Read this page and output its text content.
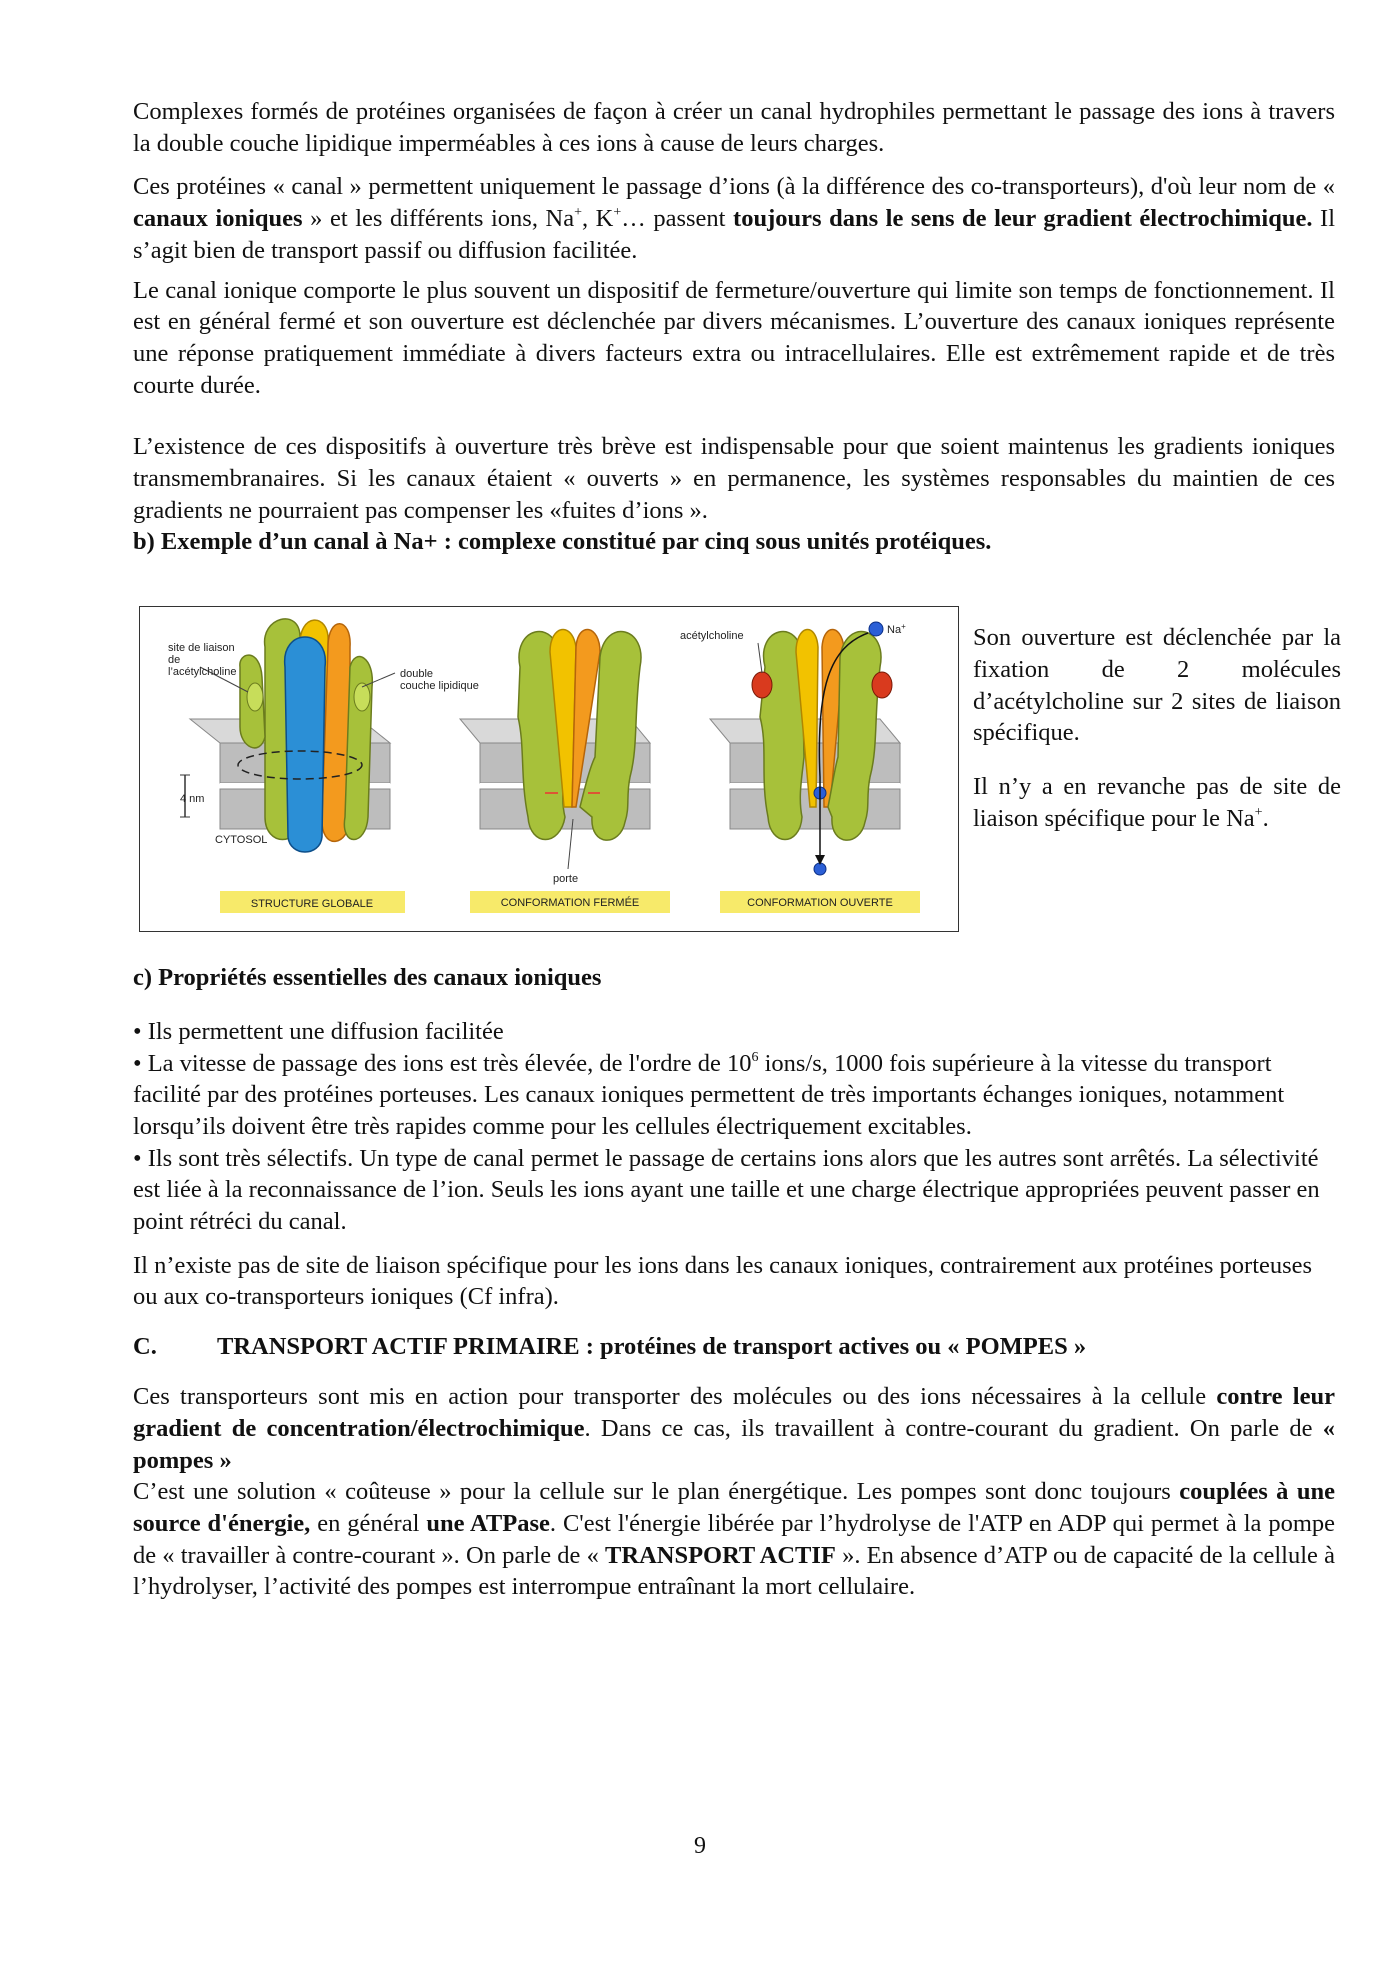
Complexes formés de protéines organisées de façon à créer un canal hydrophiles permettant le passage des ions à travers la double couche lipidique imperméables à ces ions à cause de leurs charges.

Ces protéines « canal » permettent uniquement le passage d’ions (à la différence des co-transporteurs), d'où leur nom de « canaux ioniques » et les différents ions, Na+, K+… passent toujours dans le sens de leur gradient électrochimique. Il s’agit bien de transport passif ou diffusion facilitée.

Le canal ionique comporte le plus souvent un dispositif de fermeture/ouverture qui limite son temps de fonctionnement. Il est en général fermé et son ouverture est déclenchée par divers mécanismes. L’ouverture des canaux ioniques représente une réponse pratiquement immédiate à divers facteurs extra ou intracellulaires. Elle est extrêmement rapide et de très courte durée.

L’existence de ces dispositifs à ouverture très brève est indispensable pour que soient maintenus les gradients ioniques transmembranaires. Si les canaux étaient « ouverts » en permanence, les systèmes responsables du maintien de ces gradients ne pourraient pas compenser les «fuites d’ions ».

b) Exemple d’un canal à Na+ : complexe constitué par cinq sous unités protéiques.

site de liaison
de
l’acétylcholine	double
couche lipidique
4 nm
CYTOSOL
porte
acétylcholine	Na+
STRUCTURE GLOBALE	CONFORMATION FERMÉE	CONFORMATION OUVERTE

Son ouverture est déclenchée par la fixation de 2 molécules d’acétylcholine sur 2 sites de liaison spécifique.

Il n’y a en revanche pas de site de liaison spécifique pour le Na+.

c) Propriétés essentielles des canaux ioniques

• Ils permettent une diffusion facilitée

• La vitesse de passage des ions est très élevée, de l'ordre de $10^6$ ions/s, 1000 fois supérieure à la vitesse du transport facilité par des protéines porteuses. Les canaux ioniques permettent de très importants échanges ioniques, notamment lorsqu’ils doivent être très rapides comme pour les cellules électriquement excitables.

• Ils sont très sélectifs. Un type de canal permet le passage de certains ions alors que les autres sont arrêtés. La sélectivité est liée à la reconnaissance de l’ion. Seuls les ions ayant une taille et une charge électrique appropriées peuvent passer en point rétréci du canal.

Il n’existe pas de site de liaison spécifique pour les ions dans les canaux ioniques, contrairement aux protéines porteuses ou aux co-transporteurs ioniques (Cf infra).

C.	TRANSPORT ACTIF PRIMAIRE : protéines de transport actives ou « POMPES »

Ces transporteurs sont mis en action pour transporter des molécules ou des ions nécessaires à la cellule contre leur gradient de concentration/électrochimique. Dans ce cas, ils travaillent à contre-courant du gradient. On parle de « pompes »

C’est une solution « coûteuse » pour la cellule sur le plan énergétique. Les pompes sont donc toujours couplées à une source d'énergie, en général une ATPase. C'est l'énergie libérée par l’hydrolyse de l'ATP en ADP qui permet à la pompe de « travailler à contre-courant ». On parle de « TRANSPORT ACTIF ». En absence d’ATP ou de capacité de la cellule à l’hydrolyser, l’activité des pompes est interrompue entraînant la mort cellulaire.

9
